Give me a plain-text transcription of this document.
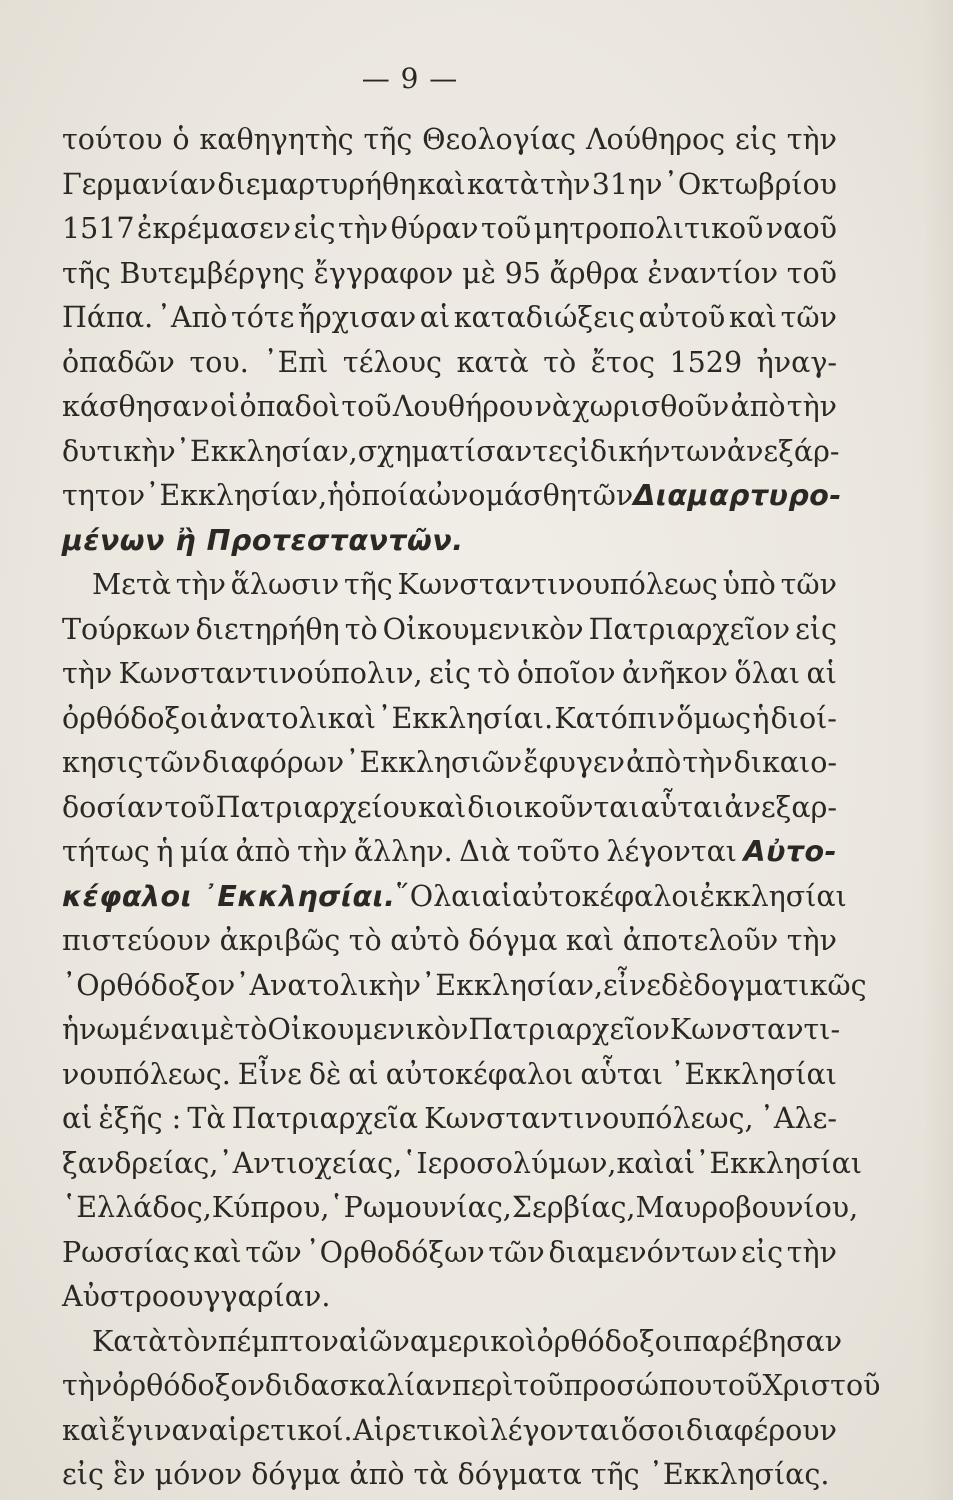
— 9 —
τούτου ὁ καθηγητὴς τῆς Θεολογίας Λούθηρος εἰς τὴν
Γερμανίαν διεμαρτυρήθη καὶ κατὰ τὴν 31ην ᾿Οκτωβρίου
1517 ἐκρέμασεν εἰς τὴν θύραν τοῦ μητροπολιτικοῦ ναοῦ
τῆς Βυτεμβέργης ἔγγραφον μὲ 95 ἄρθρα ἐναντίον τοῦ
Πάπα. ᾿Απὸ τότε ἤρχισαν αἱ καταδιώξεις αὐτοῦ καὶ τῶν
ὀπαδῶν του. ᾿Επὶ τέλους κατὰ τὸ ἔτος 1529 ἠναγ-
κάσθησαν οἱ ὀπαδοὶ τοῦ Λουθήρου νὰ χωρισθοῦν ἀπὸ τὴν
δυτικὴν ᾿Εκκλησίαν, σχηματίσαντες ἰδικήν των ἀνεξάρ-
τητον ᾿Εκκλησίαν, ἡ ὁποία ὠνομάσθη τῶν Διαμαρτυρο-
μένων ἢ Προτεσταντῶν.
Μετὰ τὴν ἅλωσιν τῆς Κωνσταντινουπόλεως ὑπὸ τῶν
Τούρκων διετηρήθη τὸ Οἰκουμενικὸν Πατριαρχεῖον εἰς
τὴν Κωνσταντινούπολιν, εἰς τὸ ὁποῖον ἀνῆκον ὅλαι αἱ
ὀρθόδοξοι ἀνατολικαὶ ᾿Εκκλησίαι. Κατόπιν ὅμως ἡ διοί-
κησις τῶν διαφόρων ᾿Εκκλησιῶν ἔφυγεν ἀπὸ τὴν δικαιο-
δοσίαν τοῦ Πατριαρχείου καὶ διοικοῦνται αὗται ἀνεξαρ-
τήτως ἡ μία ἀπὸ τὴν ἄλλην. Διὰ τοῦτο λέγονται Αὐτο-
κέφαλοι ᾿Εκκλησίαι. ῞Ολαι αἱ αὐτοκέφαλοι ἐκκλησίαι
πιστεύουν ἀκριβῶς τὸ αὐτὸ δόγμα καὶ ἀποτελοῦν τὴν
᾿Ορθόδοξον ᾿Ανατολικὴν ᾿Εκκλησίαν, εἶνε δὲ δογματικῶς
ἡνωμέναι μὲ τὸ Οἰκουμενικὸν Πατριαρχεῖον Κωνσταντι-
νουπόλεως. Εἶνε δὲ αἱ αὐτοκέφαλοι αὗται ᾿Εκκλησίαι
αἱ ἑξῆς : Τὰ Πατριαρχεῖα Κωνσταντινουπόλεως, ᾿Αλε-
ξανδρείας, ᾿Αντιοχείας, ῾Ιεροσολύμων, καὶ αἱ ᾿Εκκλησίαι
῾Ελλάδος, Κύπρου, ῾Ρωμουνίας, Σερβίας, Μαυροβουνίου,
Ρωσσίας καὶ τῶν ᾿Ορθοδόξων τῶν διαμενόντων εἰς τὴν
Αὐστροουγγαρίαν.
Κατὰ τὸν πέμπτον αἰῶνα μερικοὶ ὀρθόδοξοι παρέβησαν
τὴν ὀρθόδοξον διδασκαλίαν περὶ τοῦ προσώπου τοῦ Χριστοῦ
καὶ ἔγιναν αἱρετικοί. Αἱρετικοὶ λέγονται ὅσοι διαφέρουν
εἰς ἓν μόνον δόγμα ἀπὸ τὰ δόγματα τῆς ᾿Εκκλησίας.
